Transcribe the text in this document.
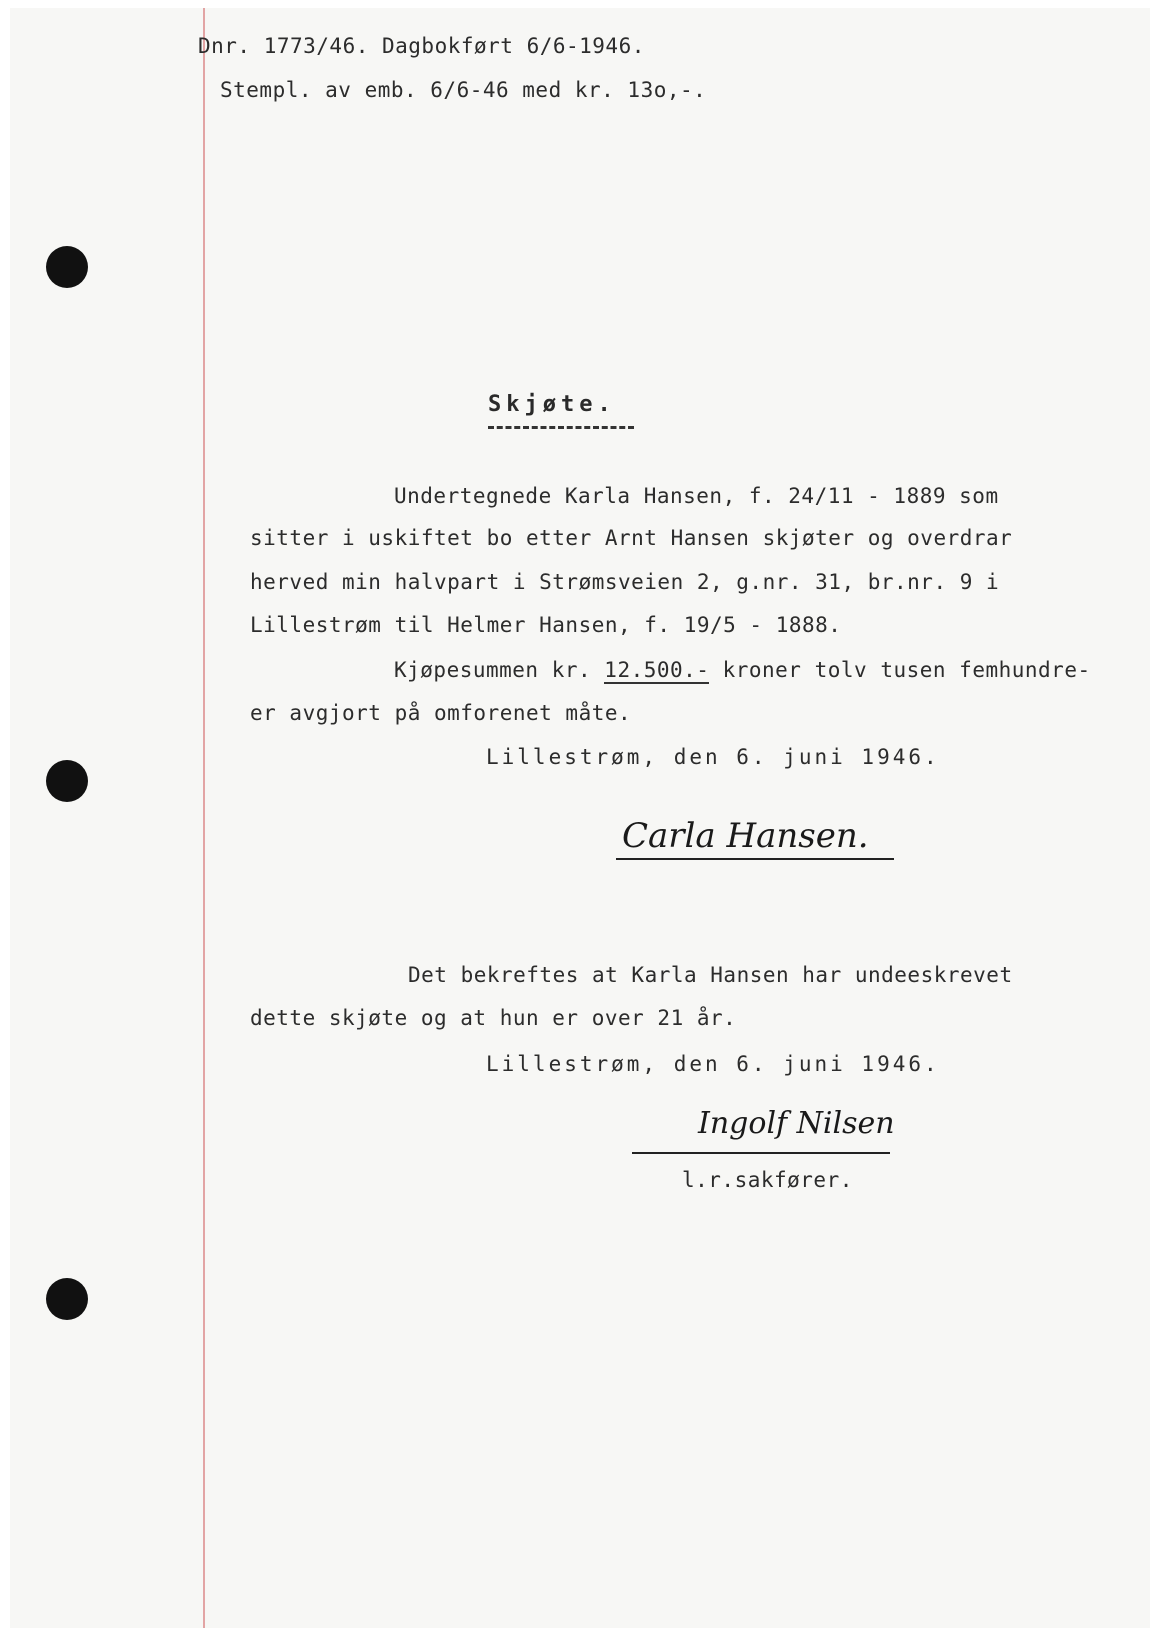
Dnr. 1773/46. Dagbokført 6/6-1946.
Stempl. av emb. 6/6-46 med kr. 13o,-.
Skjøte.
Undertegnede Karla Hansen, f. 24/11 - 1889 som
sitter i uskiftet bo etter Arnt Hansen skjøter og overdrar
herved min halvpart i Strømsveien 2, g.nr. 31, br.nr. 9 i
Lillestrøm til Helmer Hansen, f. 19/5 - 1888.
Kjøpesummen kr. 12.500.- kroner tolv tusen femhundre-
er avgjort på omforenet måte.
Lillestrøm, den 6. juni 1946.
Carla Hansen.
Det bekreftes at Karla Hansen har undeeskrevet
dette skjøte og at hun er over 21 år.
Lillestrøm, den 6. juni 1946.
Ingolf Nilsen
l.r.sakfører.
